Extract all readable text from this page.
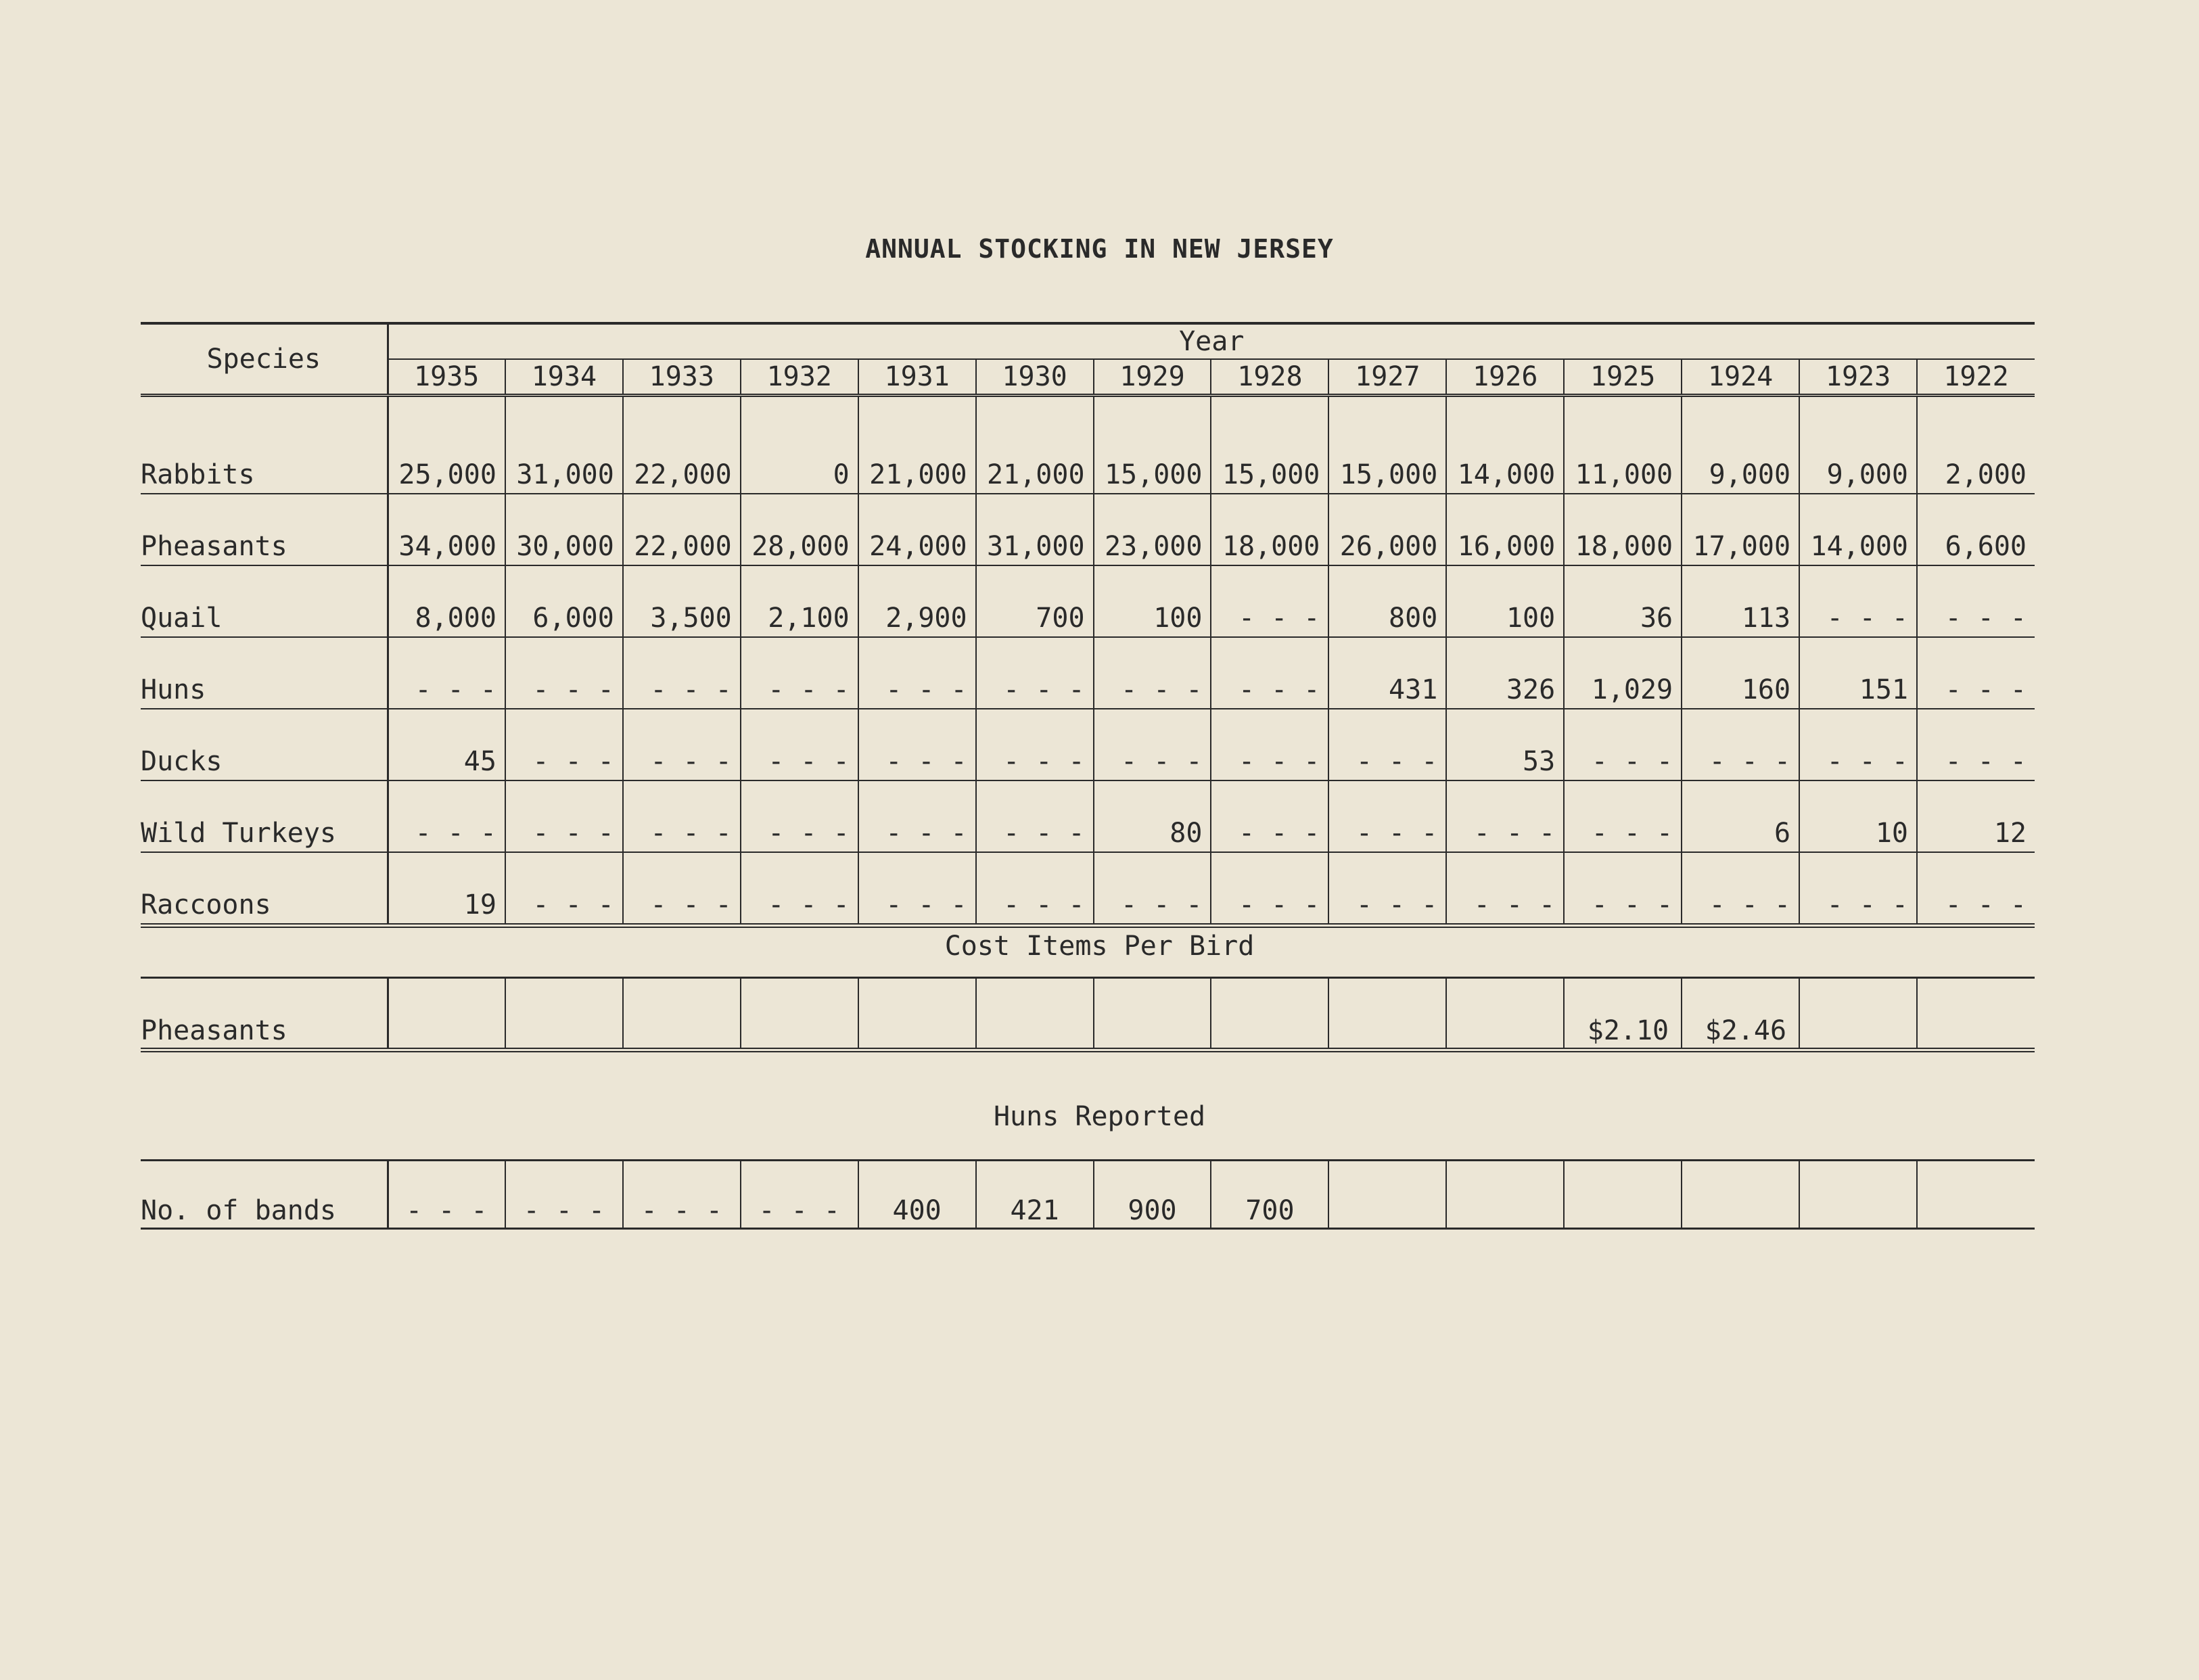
ANNUAL STOCKING IN NEW JERSEY
Species	Year													
	1935	1934	1933	1932	1931	1930	1929	1928	1927	1926	1925	1924	1923	1922

Rabbits	25,000	31,000	22,000	0	21,000	21,000	15,000	15,000	15,000	14,000	11,000	9,000	9,000	2,000
Pheasants	34,000	30,000	22,000	28,000	24,000	31,000	23,000	18,000	26,000	16,000	18,000	17,000	14,000	6,600
Quail	8,000	6,000	3,500	2,100	2,900	700	100	- - -	800	100	36	113	- - -	- - -
Huns	- - -	- - -	- - -	- - -	- - -	- - -	- - -	- - -	431	326	1,029	160	151	- - -
Ducks	45	- - -	- - -	- - -	- - -	- - -	- - -	- - -	- - -	53	- - -	- - -	- - -	- - -
Wild Turkeys	- - -	- - -	- - -	- - -	- - -	- - -	80	- - -	- - -	- - -	- - -	6	10	12
Raccoons	19	- - -	- - -	- - -	- - -	- - -	- - -	- - -	- - -	- - -	- - -	- - -	- - -	- - -
Cost Items Per Bird
Pheasants											$2.10	$2.46		
Huns Reported
No. of bands	- - -	- - -	- - -	- - -	400	421	900	700						
